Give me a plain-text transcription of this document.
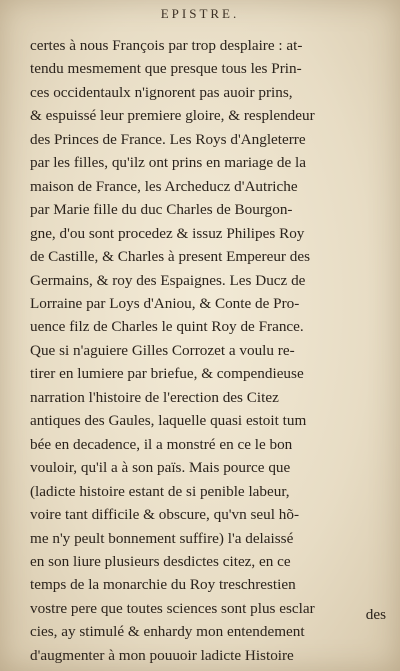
EPISTRE.
certes à nous François par trop desplaire : at-
tendu mesmement que presque tous les Prin-
ces occidentaulx n'ignorent pas auoir prins,
& espuissé leur premiere gloire, & resplendeur
des Princes de France. Les Roys d'Angleterre
par les filles, qu'ilz ont prins en mariage de la
maison de France, les Archeducz d'Autriche
par Marie fille du duc Charles de Bourgon-
gne, d'ou sont procedez & issuz Philipes Roy
de Castille, & Charles à present Empereur des
Germains, & roy des Espaignes. Les Ducz de
Lorraine par Loys d'Aniou, & Conte de Pro-
uence filz de Charles le quint Roy de France.
Que si n'aguiere Gilles Corrozet a voulu re-
tirer en lumiere par briefue, & compendieuse
narration l'histoire de l'erection des Citez
antiques des Gaules, laquelle quasi estoit tum
bée en decadence, il a monstré en ce le bon
vouloir, qu'il a à son païs. Mais pource que
(ladicte histoire estant de si penible labeur,
voire tant difficile & obscure, qu'vn seul hõ-
me n'y peult bonnement suffire) l'a delaissé
en son liure plusieurs desdictes citez, en ce
temps de la monarchie du Roy treschrestien
vostre pere que toutes sciences sont plus esclar
cies, ay stimulé & enhardy mon entendement
d'augmenter à mon pouuoir ladicte Histoire
des
